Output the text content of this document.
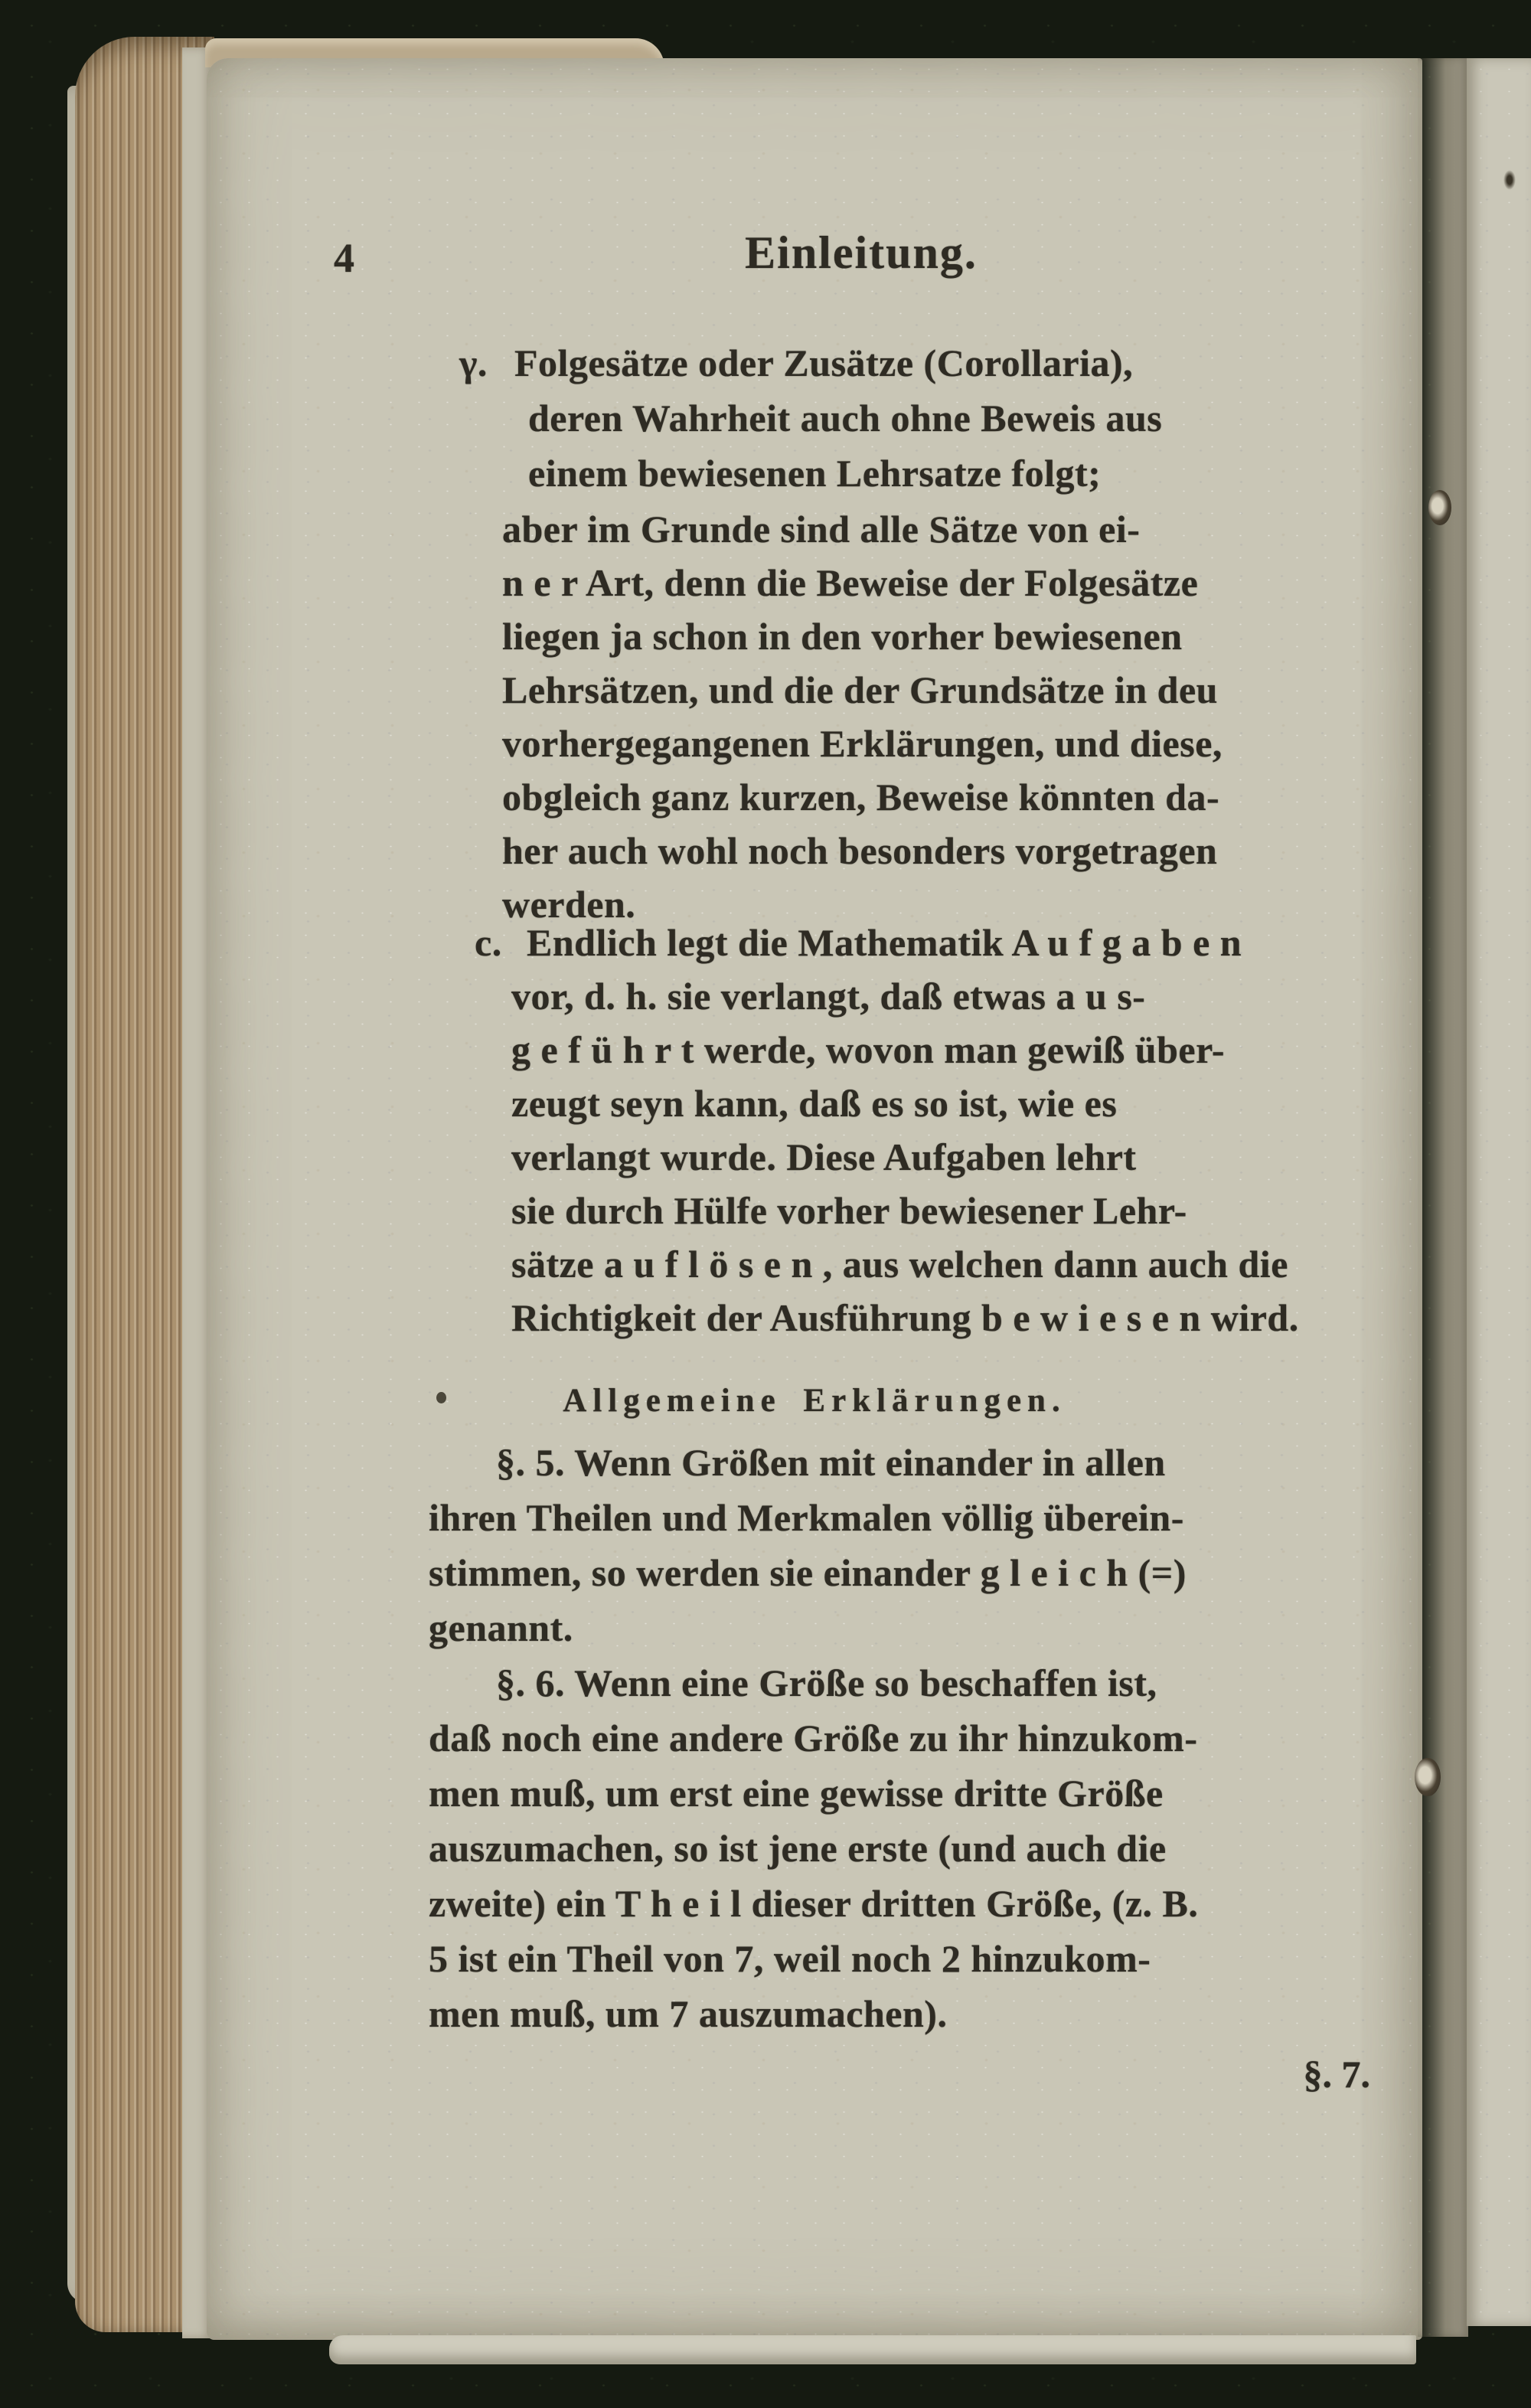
4	Einleitung.
γ. Folgesätze oder Zusätze (Corollaria),
deren Wahrheit auch ohne Beweis aus
einem bewiesenen Lehrsatze folgt;
aber im Grunde sind alle Sätze von ei-
n e r Art, denn die Beweise der Folgesätze
liegen ja schon in den vorher bewiesenen
Lehrsätzen, und die der Grundsätze in deu
vorhergegangenen Erklärungen, und diese,
obgleich ganz kurzen, Beweise könnten da-
her auch wohl noch besonders vorgetragen
werden.
c. Endlich legt die Mathematik A u f g a b e n
vor, d. h. sie verlangt, daß etwas a u s-
g e f ü h r t werde, wovon man gewiß über-
zeugt seyn kann, daß es so ist, wie es
verlangt wurde. Diese Aufgaben lehrt
sie durch Hülfe vorher bewiesener Lehr-
sätze a u f l ö s e n , aus welchen dann auch die
Richtigkeit der Ausführung b e w i e s e n wird.
Allgemeine Erklärungen.
§. 5. Wenn Größen mit einander in allen
ihren Theilen und Merkmalen völlig überein-
stimmen, so werden sie einander g l e i c h (=)
genannt.
§. 6. Wenn eine Größe so beschaffen ist,
daß noch eine andere Größe zu ihr hinzukom-
men muß, um erst eine gewisse dritte Größe
auszumachen, so ist jene erste (und auch die
zweite) ein T h e i l dieser dritten Größe, (z. B.
5 ist ein Theil von 7, weil noch 2 hinzukom-
men muß, um 7 auszumachen).
§. 7.
